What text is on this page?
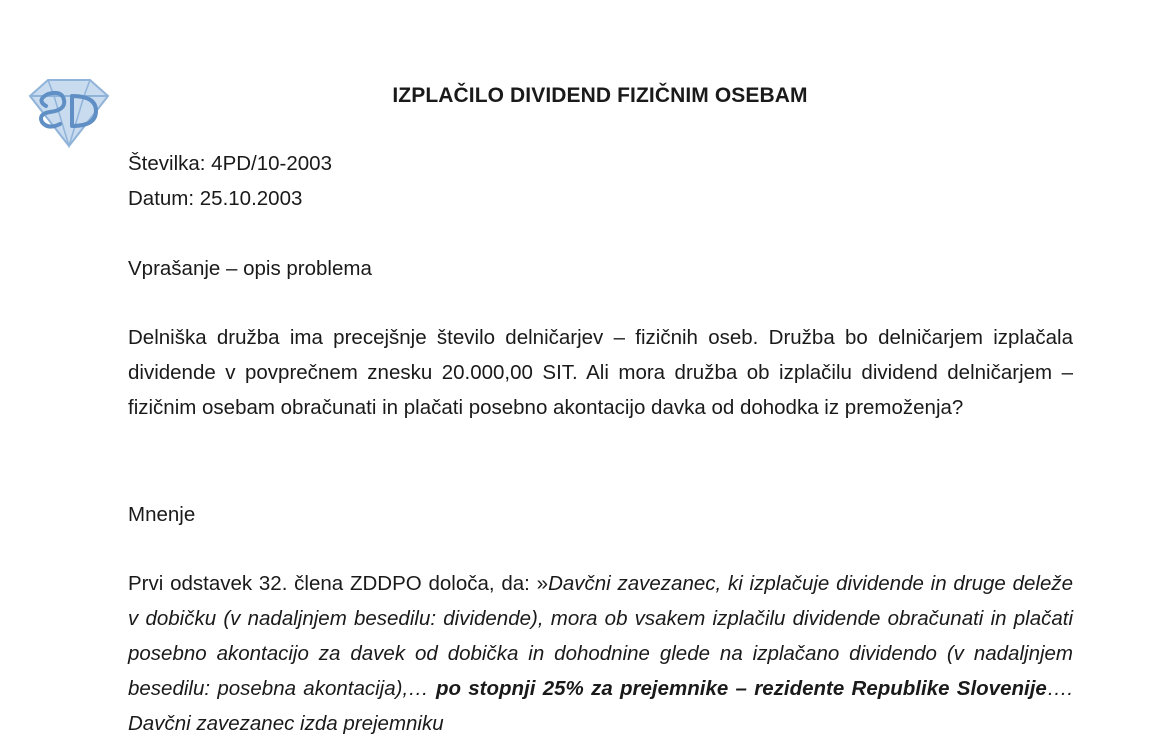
IZPLAČILO DIVIDEND FIZIČNIM OSEBAM
Številka: 4PD/10-2003
Datum: 25.10.2003
Vprašanje – opis problema

Delniška družba ima precejšnje število delničarjev – fizičnih oseb. Družba bo delničarjem izplačala dividende v povprečnem znesku 20.000,00 SIT. Ali mora družba ob izplačilu dividend delničarjem – fizičnim osebam obračunati in plačati posebno akontacijo davka od dohodka iz premoženja?

Mnenje

Prvi odstavek 32. člena ZDDPO določa, da: »Davčni zavezanec, ki izplačuje dividende in druge deleže v dobičku (v nadaljnjem besedilu: dividende), mora ob vsakem izplačilu dividende obračunati in plačati posebno akontacijo za davek od dobička in dohodnine glede na izplačano dividendo (v nadaljnjem besedilu: posebna akontacija),… po stopnji 25% za prejemnike – rezidente Republike Slovenije…. Davčni zavezanec izda prejemniku
